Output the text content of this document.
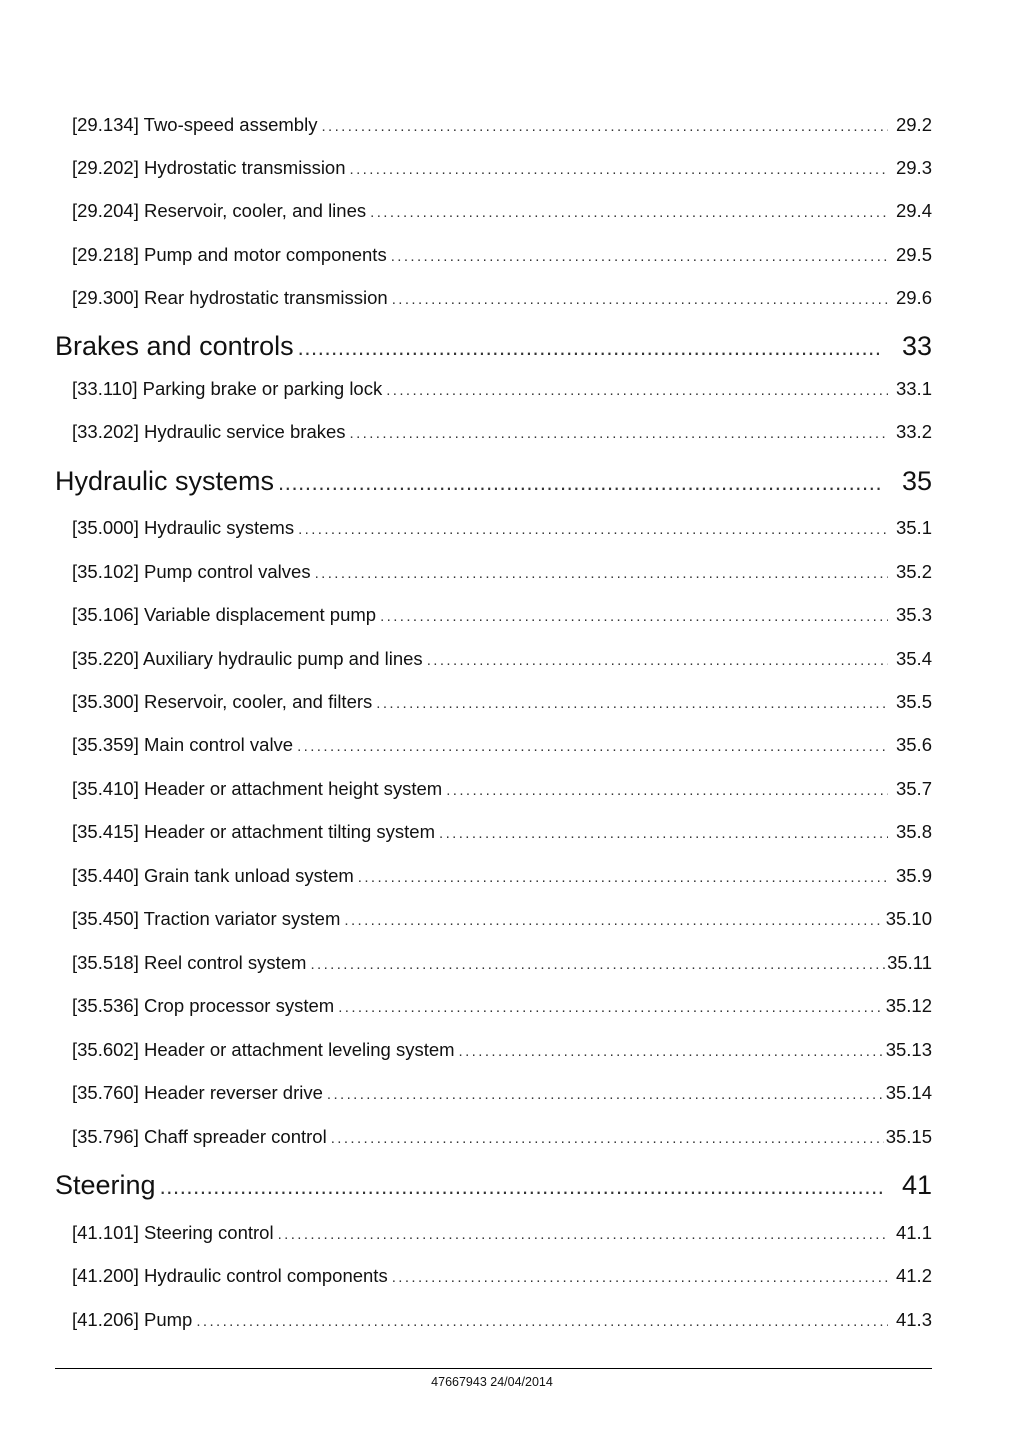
[29.134] Two-speed assembly .....	29.2
[29.202] Hydrostatic transmission .....	29.3
[29.204] Reservoir, cooler, and lines .....	29.4
[29.218] Pump and motor components .....	29.5
[29.300] Rear hydrostatic transmission .....	29.6
Brakes and controls .....	33
[33.110] Parking brake or parking lock .....	33.1
[33.202] Hydraulic service brakes .....	33.2
Hydraulic systems .....	35
[35.000] Hydraulic systems .....	35.1
[35.102] Pump control valves .....	35.2
[35.106] Variable displacement pump .....	35.3
[35.220] Auxiliary hydraulic pump and lines .....	35.4
[35.300] Reservoir, cooler, and filters .....	35.5
[35.359] Main control valve .....	35.6
[35.410] Header or attachment height system .....	35.7
[35.415] Header or attachment tilting system .....	35.8
[35.440] Grain tank unload system .....	35.9
[35.450] Traction variator system .....	35.10
[35.518] Reel control system .....	35.11
[35.536] Crop processor system .....	35.12
[35.602] Header or attachment leveling system .....	35.13
[35.760] Header reverser drive .....	35.14
[35.796] Chaff spreader control .....	35.15
Steering .....	41
[41.101] Steering control .....	41.1
[41.200] Hydraulic control components .....	41.2
[41.206] Pump .....	41.3
47667943 24/04/2014
